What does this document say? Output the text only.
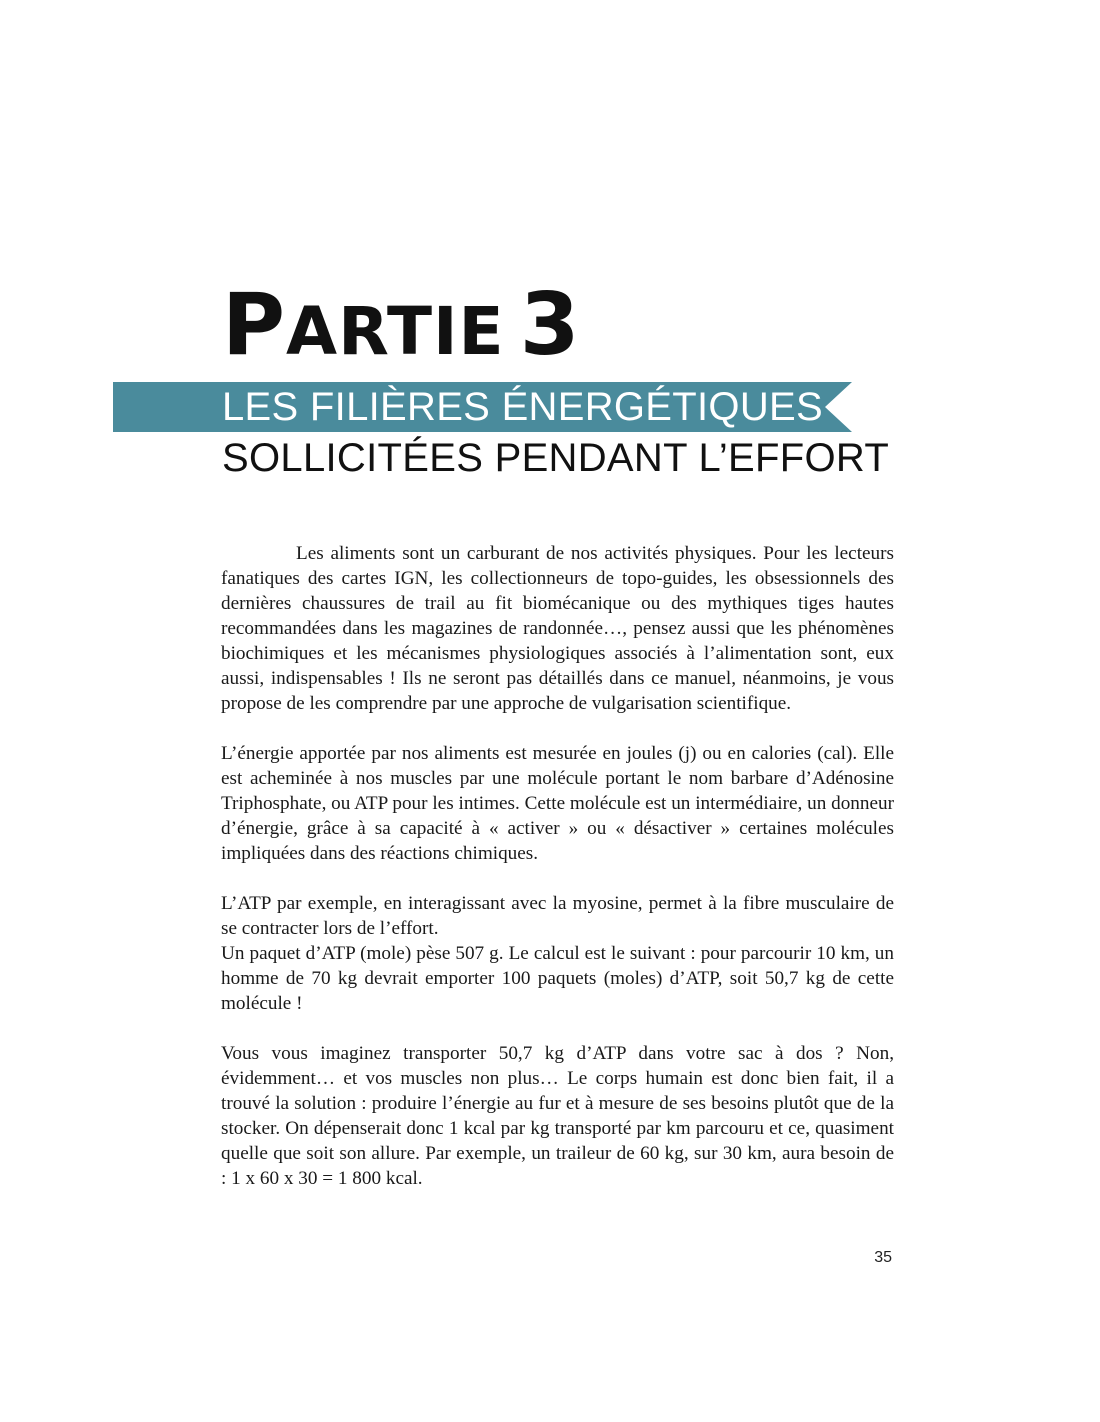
PARTIE 3
LES FILIÈRES ÉNERGÉTIQUES
SOLLICITÉES PENDANT L’EFFORT

Les aliments sont un carburant de nos activités physiques. Pour les lecteurs fanatiques des cartes IGN, les collectionneurs de topo-guides, les obsessionnels des dernières chaussures de trail au fit biomécanique ou des mythiques tiges hautes recommandées dans les magazines de randonnée…, pensez aussi que les phénomènes biochimiques et les mécanismes physiologiques associés à l’alimentation sont, eux aussi, indispensables ! Ils ne seront pas détaillés dans ce manuel, néanmoins, je vous propose de les comprendre par une approche de vulgarisation scientifique.

L’énergie apportée par nos aliments est mesurée en joules (j) ou en calories (cal). Elle est acheminée à nos muscles par une molécule portant le nom barbare d’Adénosine Triphosphate, ou ATP pour les intimes. Cette molécule est un intermédiaire, un donneur d’énergie, grâce à sa capacité à « activer » ou « désactiver » certaines molécules impliquées dans des réactions chimiques.

L’ATP par exemple, en interagissant avec la myosine, permet à la fibre musculaire de se contracter lors de l’effort.

Un paquet d’ATP (mole) pèse 507 g. Le calcul est le suivant : pour parcourir 10 km, un homme de 70 kg devrait emporter 100 paquets (moles) d’ATP, soit 50,7 kg de cette molécule !

Vous vous imaginez transporter 50,7 kg d’ATP dans votre sac à dos ? Non, évidemment… et vos muscles non plus… Le corps humain est donc bien fait, il a trouvé la solution : produire l’énergie au fur et à mesure de ses besoins plutôt que de la stocker. On dépenserait donc 1 kcal par kg transporté par km parcouru et ce, quasiment quelle que soit son allure. Par exemple, un traileur de 60 kg, sur 30 km, aura besoin de : 1 x 60 x 30 = 1 800 kcal.

35
